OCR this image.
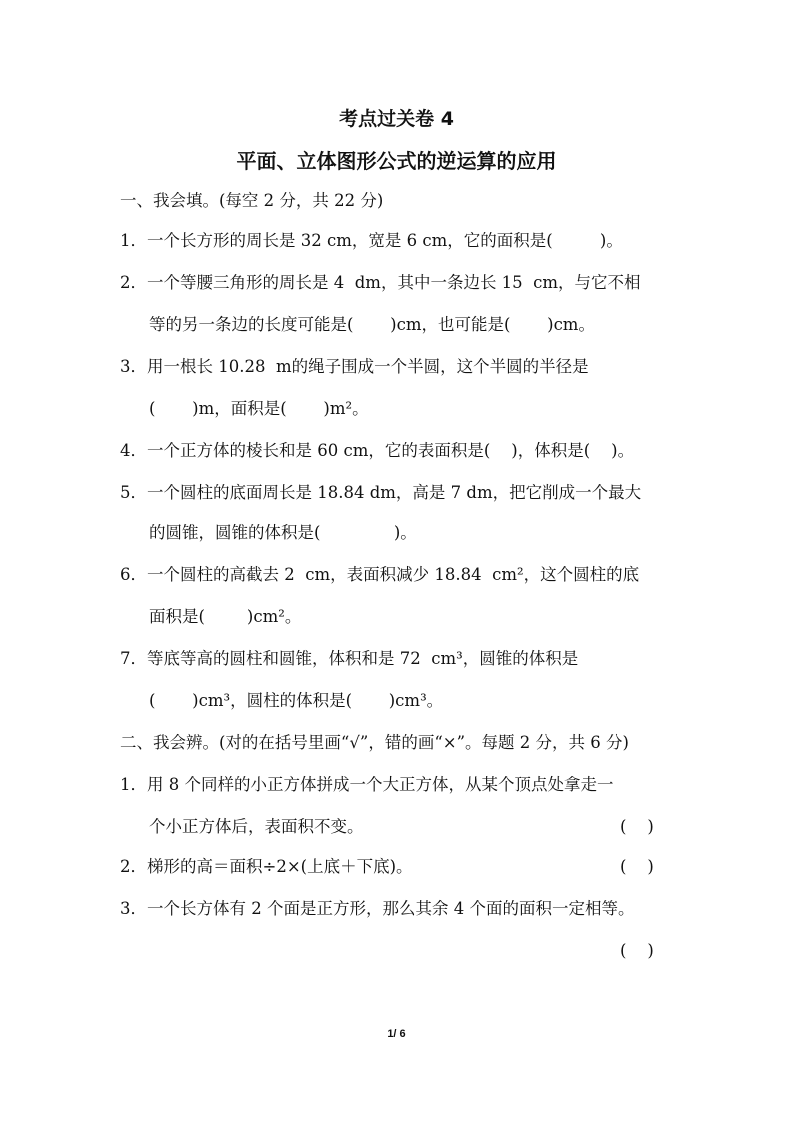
考点过关卷 4
平面、立体图形公式的逆运算的应用
一、我会填。(每空 2 分，共 22 分)
1．一个长方形的周长是 32 cm，宽是 6 cm，它的面积是(         )。
2．一个等腰三角形的周长是 4  dm，其中一条边长 15  cm，与它不相
等的另一条边的长度可能是(       )cm，也可能是(       )cm。
3．用一根长 10.28  m的绳子围成一个半圆，这个半圆的半径是
(       )m，面积是(       )m²。
4．一个正方体的棱长和是 60 cm，它的表面积是(    )，体积是(    )。
5．一个圆柱的底面周长是 18.84 dm，高是 7 dm，把它削成一个最大
的圆锥，圆锥的体积是(              )。
6．一个圆柱的高截去 2  cm，表面积减少 18.84  cm²，这个圆柱的底
面积是(        )cm²。
7．等底等高的圆柱和圆锥，体积和是 72  cm³，圆锥的体积是
(       )cm³，圆柱的体积是(       )cm³。
二、我会辨。(对的在括号里画“√”，错的画“×”。每题 2 分，共 6 分)
1．用 8 个同样的小正方体拼成一个大正方体，从某个顶点处拿走一
个小正方体后，表面积不变。	(    )
2．梯形的高＝面积÷2×(上底＋下底)。	(    )
3．一个长方体有 2 个面是正方形，那么其余 4 个面的面积一定相等。
(    )
1/ 6
